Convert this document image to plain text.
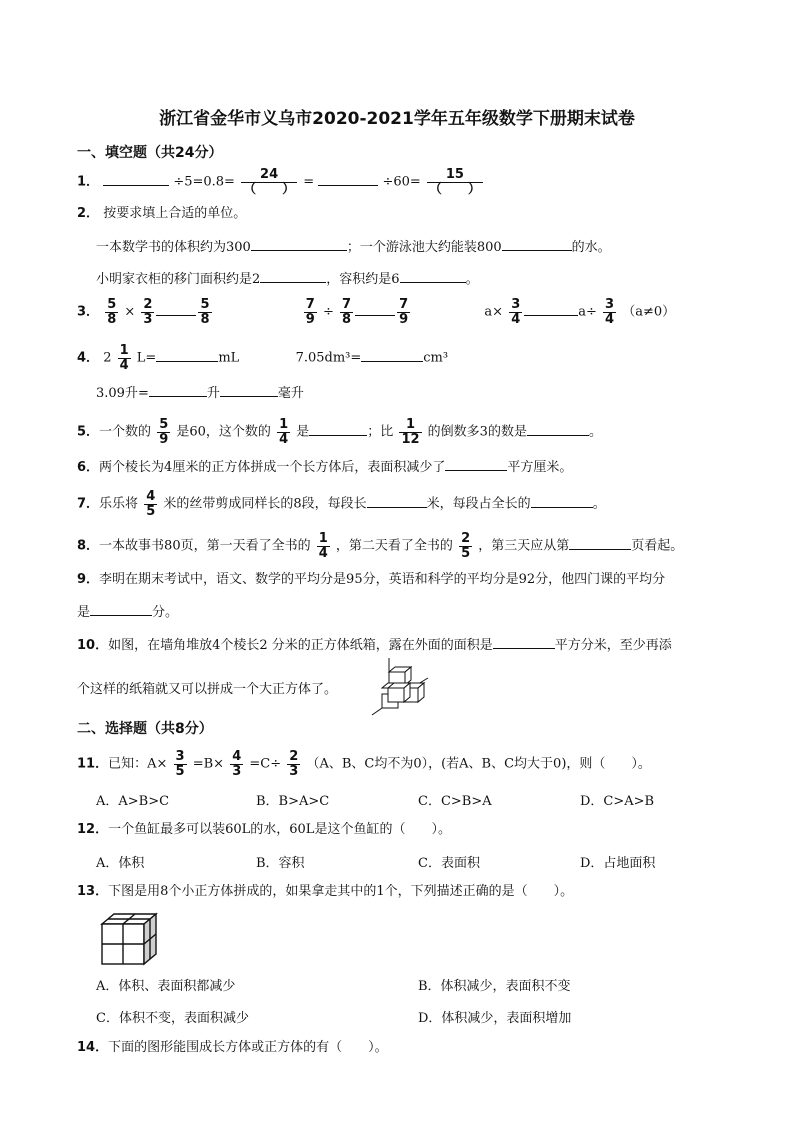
浙江省金华市义乌市2020-2021学年五年级数学下册期末试卷
一、填空题（共24分）
1．	$\div 5=0.8= \frac{24}{( )}$ =	$\div 60= \frac{15}{( )}$
2． 按要求填上合适的单位。
一本数学书的体积约为300	；一个游泳池大约能装800	的水。
小明家衣柜的移门面积约是2	，容积约是6	。
3． $\frac{5}{8} \times \frac{2}{3}$	$\frac{5}{8}$
	$\frac{7}{9} \div \frac{7}{8}$	$\frac{7}{9}$	$a\times \frac{3}{4}$	$a\div \frac{3}{4} (a\ne 0)$
4． $2 \frac{1}{4} L=$	mL	7.05dm³=	cm³
3.09升=	升	毫升
5．一个数的 $\frac{5}{9}$ 是60，这个数的 $\frac{1}{4}$ 是	；比 $\frac{1}{12}$ 的倒数多3的数是	。
6．两个棱长为4厘米的正方体拼成一个长方体后，表面积减少了	平方厘米。
7．乐乐将 $\frac{4}{5}$ 米的丝带剪成同样长的8段，每段长	米，每段占全长的	。
8．一本故事书80页，第一天看了全书的 $\frac{1}{4}$ ，第二天看了全书的 $\frac{2}{5}$ ，第三天应从第	页看起。
9．李明在期末考试中，语文、数学的平均分是95分，英语和科学的平均分是92分，他四门课的平均分
是	分。
10．如图，在墙角堆放4个棱长2 分米的正方体纸箱，露在外面的面积是	平方分米，至少再添
个这样的纸箱就又可以拼成一个大正方体了。
二、选择题（共8分）
11．已知：$A\times \frac{3}{5} =B\times \frac{4}{3} =C\div \frac{2}{3} (A$、B、C均不为0），(若A、B、C均大于0)，则（　　）。
A．A>B>C	B．B>A>C	C．C>B>A	D．C>A>B
12．一个鱼缸最多可以装60L的水，60L是这个鱼缸的（　　）。
A．体积	B．容积	C．表面积	D．占地面积
13．下图是用8个小正方体拼成的，如果拿走其中的1个，下列描述正确的是（　　）。
A．体积、表面积都减少	B．体积减少，表面积不变
C．体积不变，表面积减少	D．体积减少，表面积增加
14．下面的图形能围成长方体或正方体的有（　　）。
